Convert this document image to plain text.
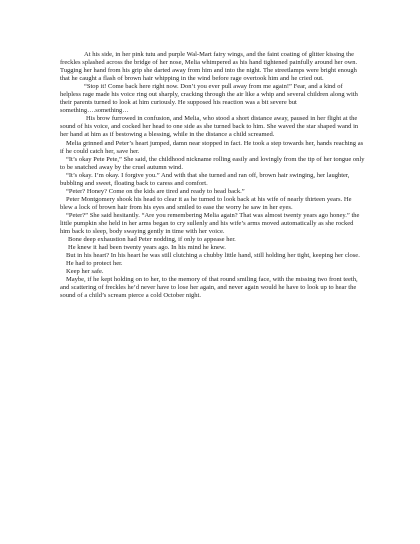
At his side, in her pink tutu and purple Wal-Mart fairy wings, and the faint coating of glitter kissing the freckles splashed across the bridge of her nose, Melia whimpered as his hand tightened painfully around her own. Tugging her hand from his grip she darted away from him and into the night. The streetlamps were bright enough that he caught a flash of brown hair whipping in the wind before rage overtook him and he cried out.

“Stop it! Come back here right now. Don’t you ever pull away from me again!” Fear, and a kind of helpless rage made his voice ring out sharply, cracking through the air like a whip and several children along with their parents turned to look at him curiously. He supposed his reaction was a bit severe but something….something…

His brow furrowed in confusion, and Melia, who stood a short distance away, paused in her flight at the sound of his voice, and cocked her head to one side as she turned back to him. She waved the star shaped wand in her hand at him as if bestowing a blessing, while in the distance a child screamed.

Melia grinned and Peter’s heart jumped, damn near stopped in fact. He took a step towards her, hands reaching as if he could catch her, save her.

“It’s okay Pete Pete,” She said, the childhood nickname rolling easily and lovingly from the tip of her tongue only to be snatched away by the cruel autumn wind.

“It’s okay. I’m okay. I forgive you.” And with that she turned and ran off, brown hair swinging, her laughter, bubbling and sweet, floating back to caress and comfort.

“Peter? Honey? Come on the kids are tired and ready to head back.”

Peter Montgomery shook his head to clear it as he turned to look back at his wife of nearly thirteen years. He blew a lock of brown hair from his eyes and smiled to ease the worry he saw in her eyes.

“Peter?” She said hesitantly. “Are you remembering Melia again? That was almost twenty years ago honey.” the little pumpkin she held in her arms began to cry sullenly and his wife’s arms moved automatically as she rocked him back to sleep, body swaying gently in time with her voice.

Bone deep exhaustion had Peter nodding, if only to appease her.

He knew it had been twenty years ago. In his mind he knew.

But in his heart? In his heart he was still clutching a chubby little hand, still holding her tight, keeping her close.

He had to protect her.

Keep her safe.

Maybe, if he kept holding on to her, to the memory of that round smiling face, with the missing two front teeth, and scattering of freckles he’d never have to lose her again, and never again would he have to look up to hear the sound of a child’s scream pierce a cold October night.
